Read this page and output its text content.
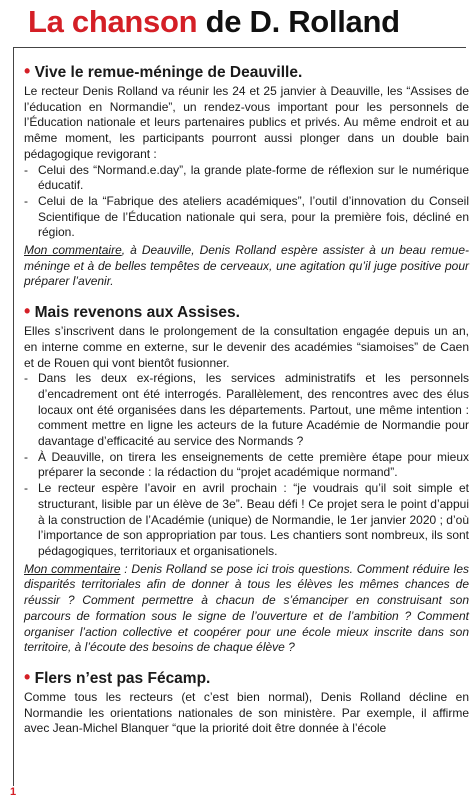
La chanson de D. Rolland
• Vive le remue-méninge de Deauville.

Le recteur Denis Rolland va réunir les 24 et 25 janvier à Deauville, les “Assises de l’éducation en Normandie”, un rendez-vous important pour les personnels de l’Éducation nationale et leurs partenaires publics et privés. Au même endroit et au même moment, les participants pourront aussi plonger dans un double bain pédagogique revigorant :

- Celui des “Normand.e.day”, la grande plate-forme de réflexion sur le numérique éducatif.
- Celui de la “Fabrique des ateliers académiques”, l’outil d’innovation du Conseil Scientifique de l’Éducation nationale qui sera, pour la première fois, décliné en région.
Mon commentaire, à Deauville, Denis Rolland espère assister à un beau remue-méninge et à de belles tempêtes de cerveaux, une agitation qu’il juge positive pour préparer l’avenir.
• Mais revenons aux Assises.

Elles s’inscrivent dans le prolongement de la consultation engagée depuis un an, en interne comme en externe, sur le devenir des académies “siamoises” de Caen et de Rouen qui vont bientôt fusionner.

- Dans les deux ex-régions, les services administratifs et les personnels d’encadrement ont été interrogés. Parallèlement, des rencontres avec des élus locaux ont été organisées dans les départements. Partout, une même intention : comment mettre en ligne les acteurs de la future Académie de Normandie pour davantage d’efficacité au service des Normands ?
- À Deauville, on tirera les enseignements de cette première étape pour mieux préparer la seconde : la rédaction du “projet académique normand”.
- Le recteur espère l’avoir en avril prochain : “je voudrais qu’il soit simple et structurant, lisible par un élève de 3e”. Beau défi ! Ce projet sera le point d’appui à la construction de l’Académie (unique) de Normandie, le 1er janvier 2020 ; d’où l’importance de son appropriation par tous. Les chantiers sont nombreux, ils sont pédagogiques, territoriaux et organisationels.
Mon commentaire : Denis Rolland se pose ici trois questions. Comment réduire les disparités territoriales afin de donner à tous les élèves les mêmes chances de réussir ? Comment permettre à chacun de s’émanciper en construisant son parcours de formation sous le signe de l’ouverture et de l’ambition ? Comment organiser l’action collective et coopérer pour une école mieux inscrite dans son territoire, à l’écoute des besoins de chaque élève ?
• Flers n’est pas Fécamp.

Comme tous les recteurs (et c’est bien normal), Denis Rolland décline en Normandie les orientations nationales de son ministère. Par exemple, il affirme avec Jean-Michel Blanquer “que la priorité doit être donnée à l’école

1
